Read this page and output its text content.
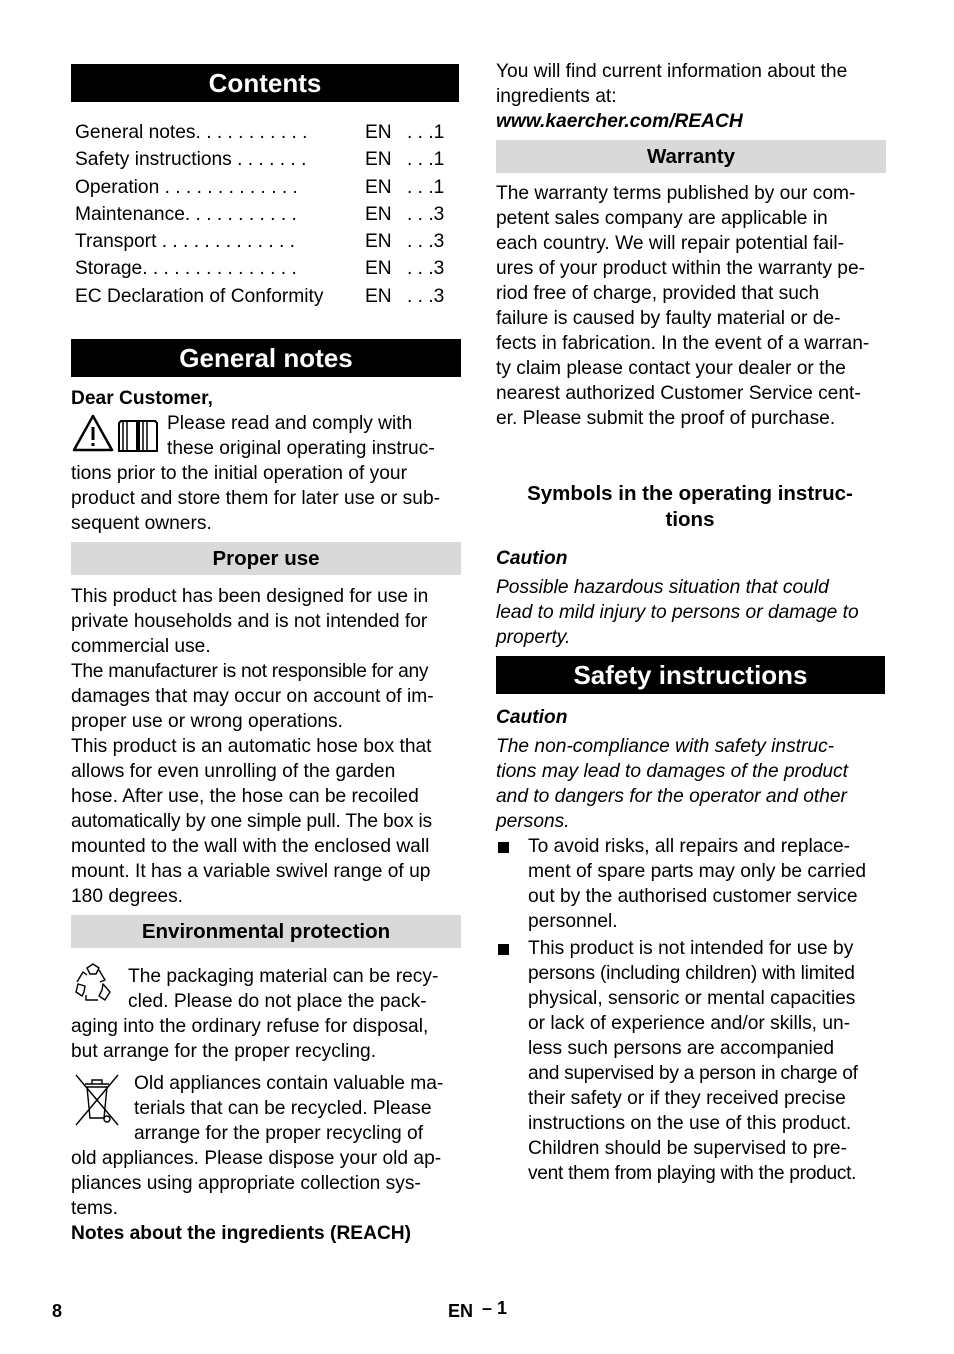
Contents
General notes. . . . . . . . . . .	EN . . .1
Safety instructions . . . . . . .	EN . . .1
Operation . . . . . . . . . . . . .	EN . . .1
Maintenance. . . . . . . . . . .	EN . . .3
Transport . . . . . . . . . . . . .	EN . . .3
Storage. . . . . . . . . . . . . . .	EN . . .3
EC Declaration of Conformity EN . . .3
General notes
Dear Customer,
Please read and comply with
these original operating instruc-
tions prior to the initial operation of your
product and store them for later use or sub-
sequent owners.
Proper use
This product has been designed for use in
private households and is not intended for
commercial use.
The manufacturer is not responsible for any
damages that may occur on account of im-
proper use or wrong operations.
This product is an automatic hose box that
allows for even unrolling of the garden
hose. After use, the hose can be recoiled
automatically by one simple pull. The box is
mounted to the wall with the enclosed wall
mount. It has a variable swivel range of up
180 degrees.
Environmental protection
The packaging material can be recy-
cled. Please do not place the pack-
aging into the ordinary refuse for disposal,
but arrange for the proper recycling.
Old appliances contain valuable ma-
terials that can be recycled. Please
arrange for the proper recycling of
old appliances. Please dispose your old ap-
pliances using appropriate collection sys-
tems.
Notes about the ingredients (REACH)
You will find current information about the
ingredients at:
www.kaercher.com/REACH
Warranty
The warranty terms published by our com-
petent sales company are applicable in
each country. We will repair potential fail-
ures of your product within the warranty pe-
riod free of charge, provided that such
failure is caused by faulty material or de-
fects in fabrication. In the event of a warran-
ty claim please contact your dealer or the
nearest authorized Customer Service cent-
er. Please submit the proof of purchase.
Symbols in the operating instruc-
tions
Caution
Possible hazardous situation that could
lead to mild injury to persons or damage to
property.
Safety instructions
Caution
The non-compliance with safety instruc-
tions may lead to damages of the product
and to dangers for the operator and other
persons.
To avoid risks, all repairs and replace-
ment of spare parts may only be carried
out by the authorised customer service
personnel.
This product is not intended for use by
persons (including children) with limited
physical, sensoric or mental capacities
or lack of experience and/or skills, un-
less such persons are accompanied
and supervised by a person in charge of
their safety or if they received precise
instructions on the use of this product.
Children should be supervised to pre-
vent them from playing with the product.
8	EN – 1
